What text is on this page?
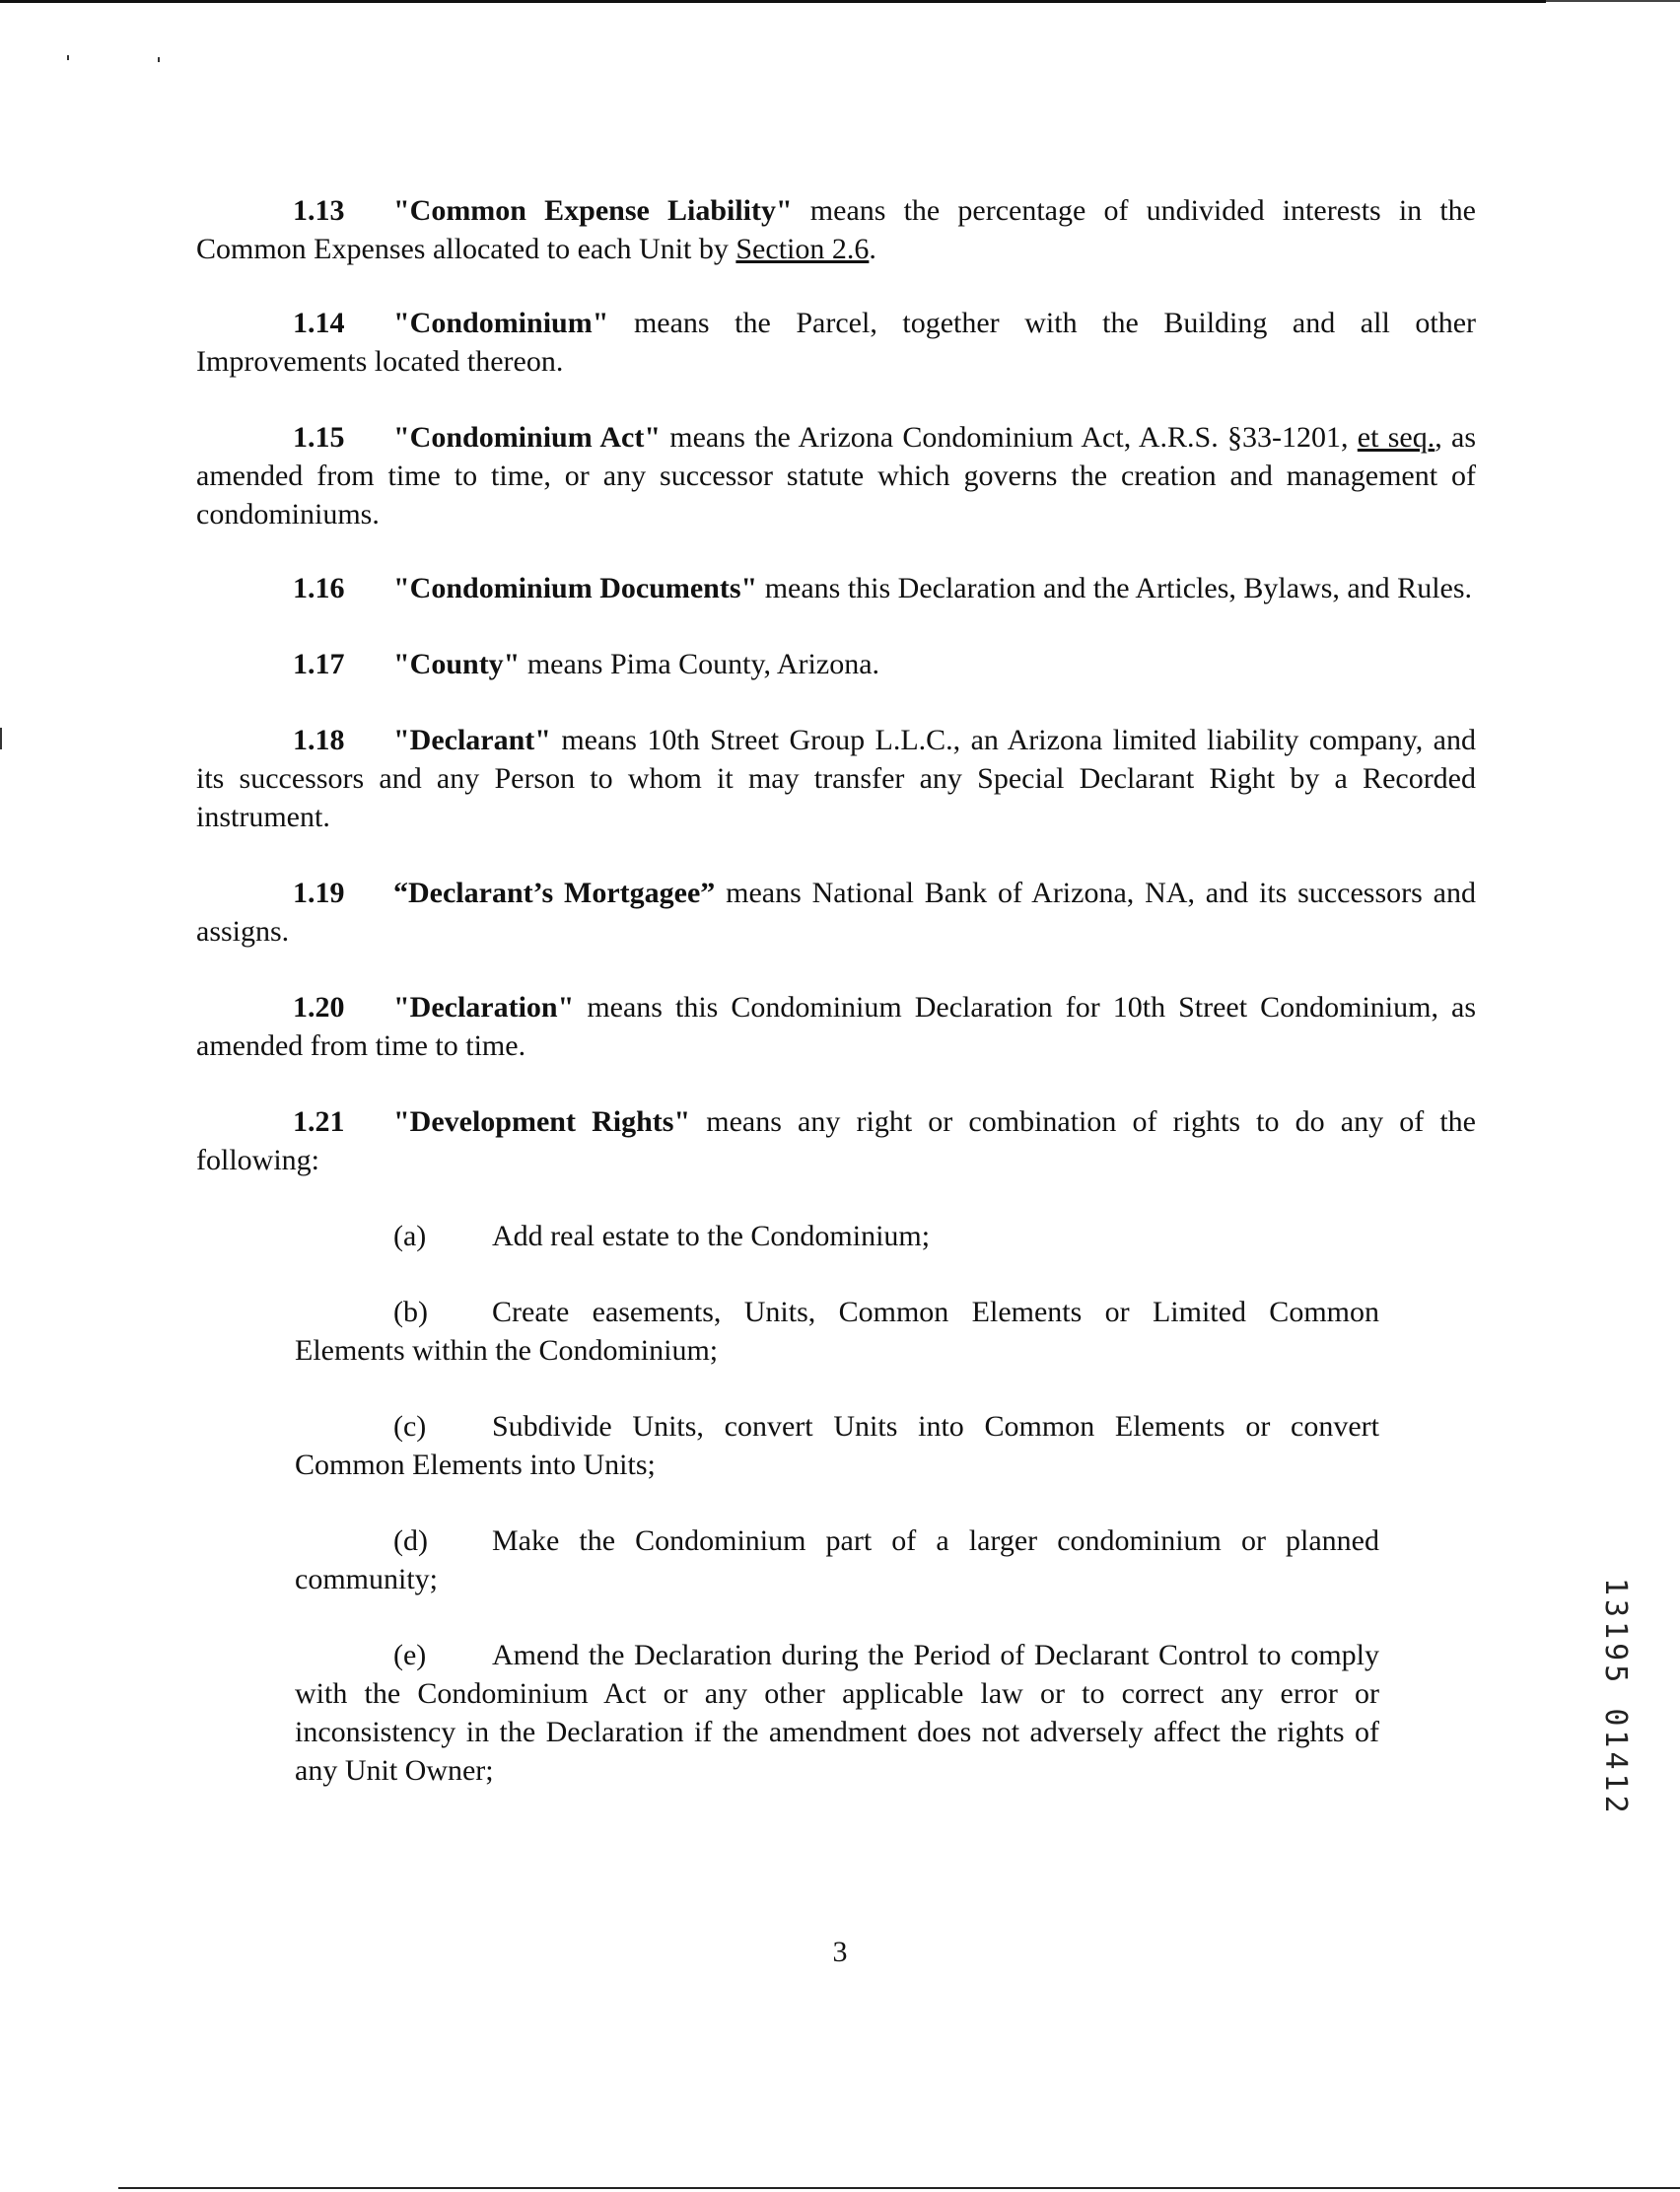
1.13 "Common Expense Liability" means the percentage of undivided interests in the Common Expenses allocated to each Unit by Section 2.6.

1.14 "Condominium" means the Parcel, together with the Building and all other Improvements located thereon.

1.15 "Condominium Act" means the Arizona Condominium Act, A.R.S. §33-1201, et seq., as amended from time to time, or any successor statute which governs the creation and management of condominiums.

1.16 "Condominium Documents" means this Declaration and the Articles, Bylaws, and Rules.

1.17 "County" means Pima County, Arizona.

1.18 "Declarant" means 10th Street Group L.L.C., an Arizona limited liability company, and its successors and any Person to whom it may transfer any Special Declarant Right by a Recorded instrument.

1.19 “Declarant’s Mortgagee” means National Bank of Arizona, NA, and its successors and assigns.

1.20 "Declaration" means this Condominium Declaration for 10th Street Condominium, as amended from time to time.

1.21 "Development Rights" means any right or combination of rights to do any of the following:

(a) Add real estate to the Condominium;

(b) Create easements, Units, Common Elements or Limited Common Elements within the Condominium;

(c) Subdivide Units, convert Units into Common Elements or convert Common Elements into Units;

(d) Make the Condominium part of a larger condominium or planned community;

(e) Amend the Declaration during the Period of Declarant Control to comply with the Condominium Act or any other applicable law or to correct any error or inconsistency in the Declaration if the amendment does not adversely affect the rights of any Unit Owner;

3
13195 01412
